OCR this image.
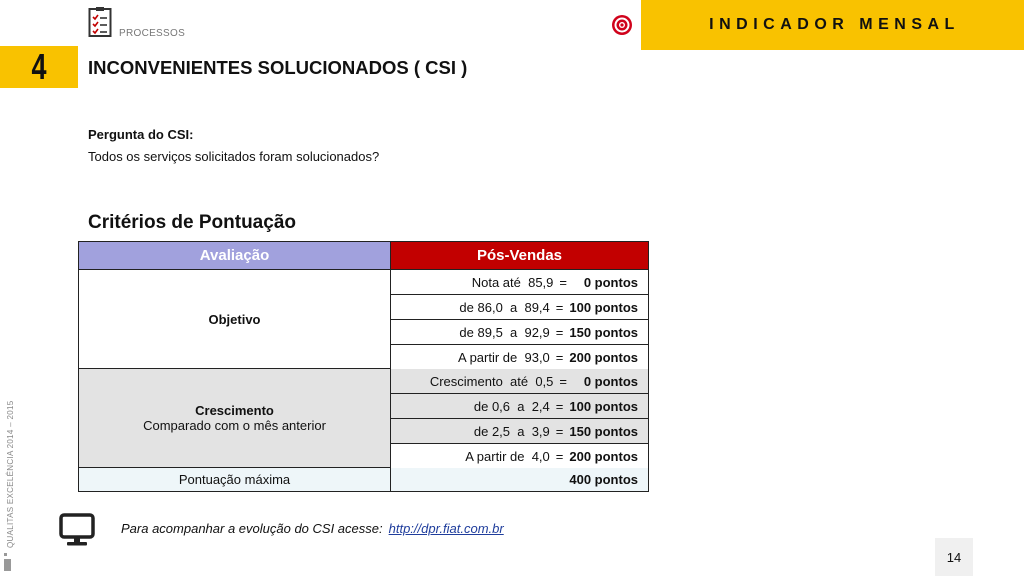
PROCESSOS
INDICADOR MENSAL
4 INCONVENIENTES SOLUCIONADOS ( CSI )
Pergunta do CSI:
Todos os serviços solicitados foram solucionados?
Critérios de Pontuação
Avaliação	Pós-Vendas
Objetivo
Nota até  85,9 = 0 pontos
de 86,0  a  89,4 = 100 pontos
de 89,5  a  92,9 = 150 pontos
A partir de  93,0 = 200 pontos
Crescimento
Comparado com o mês anterior
Crescimento  até  0,5 = 0 pontos
de 0,6  a  2,4 = 100 pontos
de 2,5  a  3,9 = 150 pontos
A partir de  4,0 = 200 pontos
Pontuação máxima	400 pontos
Para acompanhar a evolução do CSI acesse: http://dpr.fiat.com.br
14
QUALITAS EXCELÊNCIA 2014 – 2015
